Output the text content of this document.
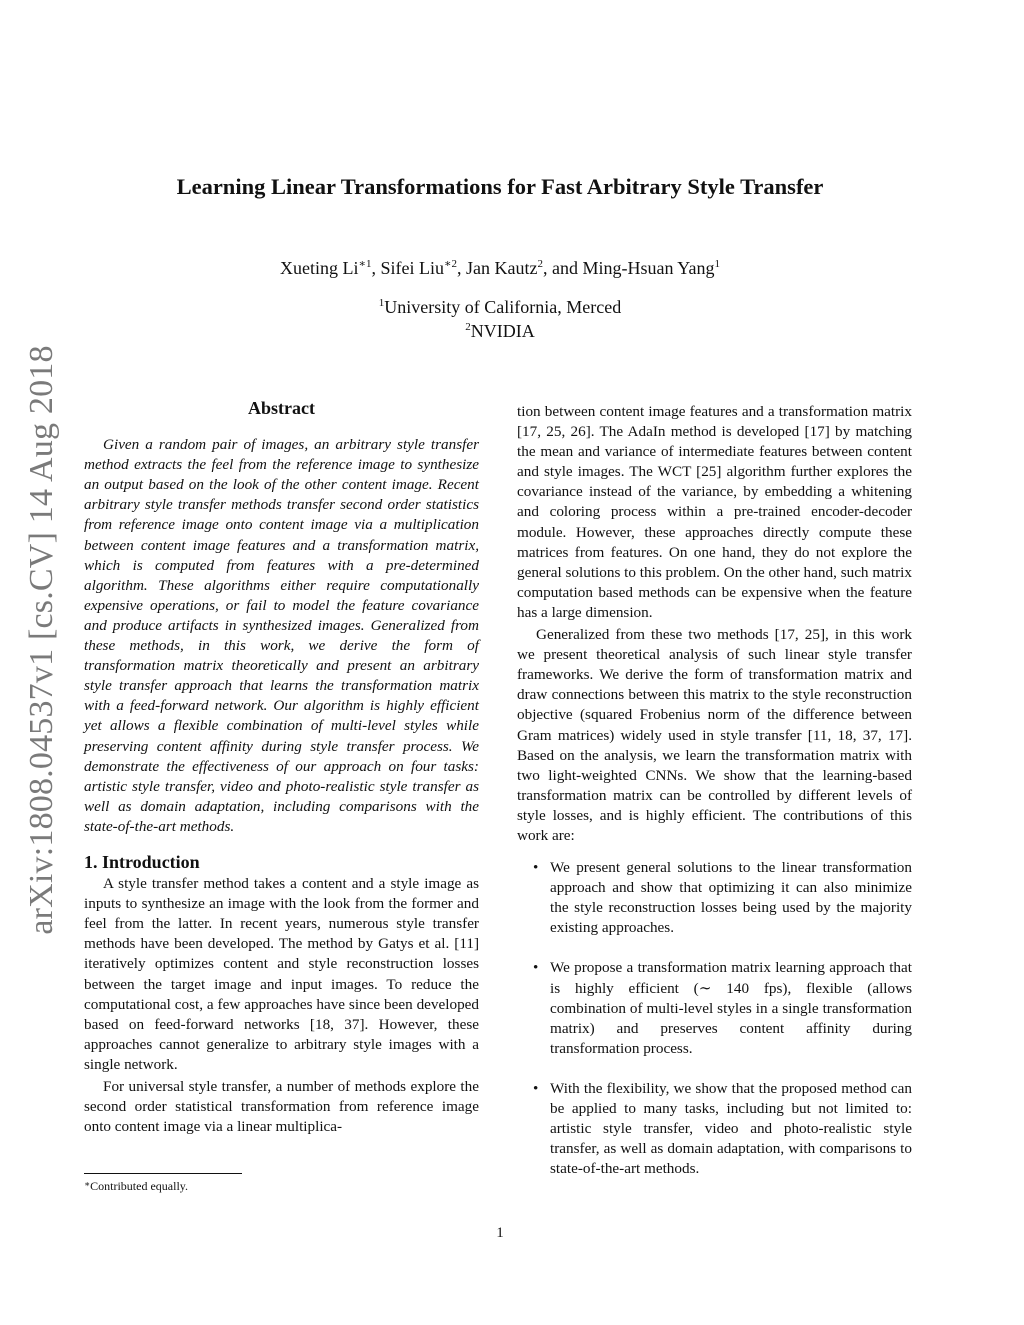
arXiv:1808.04537v1 [cs.CV] 14 Aug 2018
Learning Linear Transformations for Fast Arbitrary Style Transfer
Xueting $Li^{∗1}$, Sifei Liu$^{∗2}$, Jan Kautz$^2$, and Ming-Hsuan Yang$^1$
$^1$University of California, Merced
$^2$NVIDIA
Abstract

Given a random pair of images, an arbitrary style transfer method extracts the feel from the reference image to synthesize an output based on the look of the other content image. Recent arbitrary style transfer methods transfer second order statistics from reference image onto content image via a multiplication between content image features and a transformation matrix, which is computed from features with a pre-determined algorithm. These algorithms either require computationally expensive operations, or fail to model the feature covariance and produce artifacts in synthesized images. Generalized from these methods, in this work, we derive the form of transformation matrix theoretically and present an arbitrary style transfer approach that learns the transformation matrix with a feed-forward network. Our algorithm is highly efficient yet allows a flexible combination of multi-level styles while preserving content affinity during style transfer process. We demonstrate the effectiveness of our approach on four tasks: artistic style transfer, video and photo-realistic style transfer as well as domain adaptation, including comparisons with the state-of-the-art methods.

1. Introduction

A style transfer method takes a content and a style image as inputs to synthesize an image with the look from the former and feel from the latter. In recent years, numerous style transfer methods have been developed. The method by Gatys et al. [11] iteratively optimizes content and style reconstruction losses between the target image and input images. To reduce the computational cost, a few approaches have since been developed based on feed-forward networks [18, 37]. However, these approaches cannot generalize to arbitrary style images with a single network.

For universal style transfer, a number of methods explore the second order statistical transformation from reference image onto content image via a linear multiplica-

∗Contributed equally.

tion between content image features and a transformation matrix [17, 25, 26]. The AdaIn method is developed [17] by matching the mean and variance of intermediate features between content and style images. The WCT [25] algorithm further explores the covariance instead of the variance, by embedding a whitening and coloring process within a pre-trained encoder-decoder module. However, these approaches directly compute these matrices from features. On one hand, they do not explore the general solutions to this problem. On the other hand, such matrix computation based methods can be expensive when the feature has a large dimension.

Generalized from these two methods [17, 25], in this work we present theoretical analysis of such linear style transfer frameworks. We derive the form of transformation matrix and draw connections between this matrix to the style reconstruction objective (squared Frobenius norm of the difference between Gram matrices) widely used in style transfer [11, 18, 37, 17]. Based on the analysis, we learn the transformation matrix with two light-weighted CNNs. We show that the learning-based transformation matrix can be controlled by different levels of style losses, and is highly efficient. The contributions of this work are:

• We present general solutions to the linear transformation approach and show that optimizing it can also minimize the style reconstruction losses being used by the majority existing approaches.
• We propose a transformation matrix learning approach that is highly efficient (∼ 140 fps), flexible (allows combination of multi-level styles in a single transformation matrix) and preserves content affinity during transformation process.
• With the flexibility, we show that the proposed method can be applied to many tasks, including but not limited to: artistic style transfer, video and photo-realistic style transfer, as well as domain adaptation, with comparisons to state-of-the-art methods.
1
